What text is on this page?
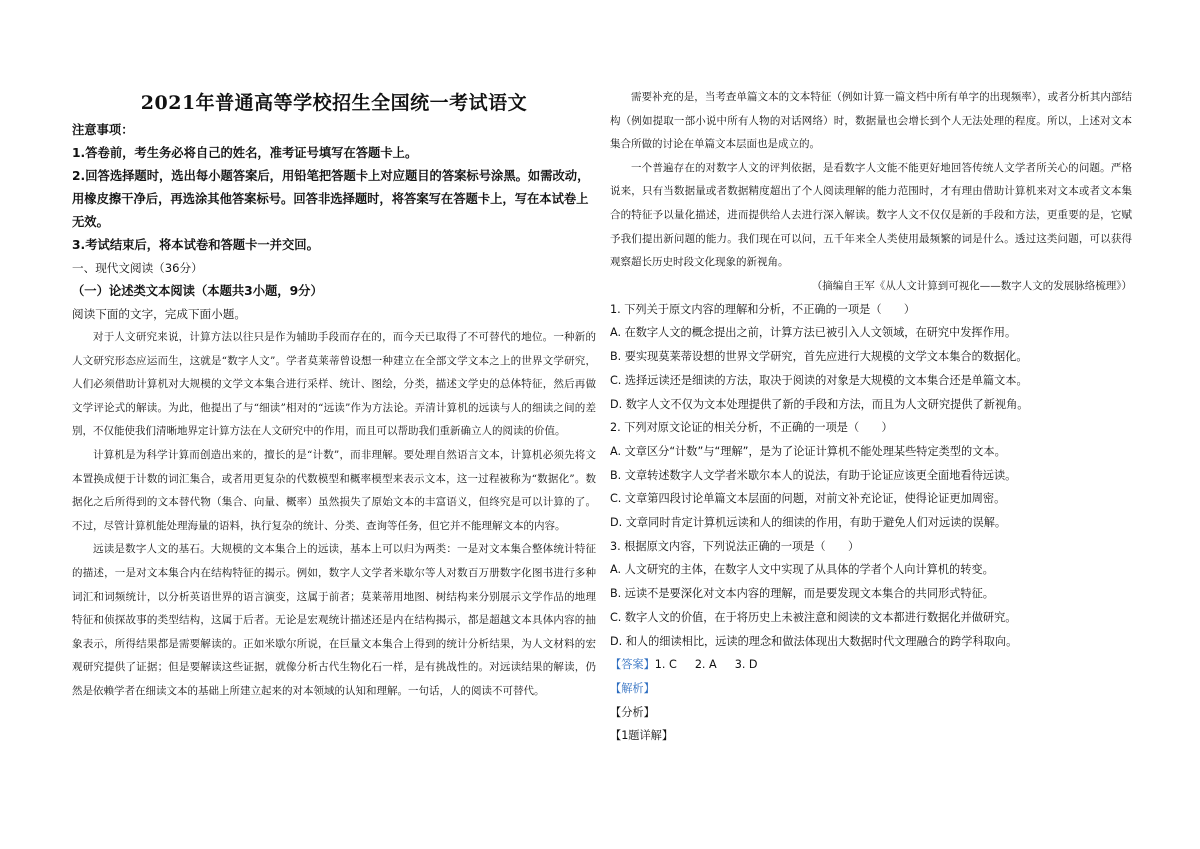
2021年普通高等学校招生全国统一考试语文

注意事项：

1.答卷前，考生务必将自己的姓名，准考证号填写在答题卡上。

2.回答选择题时，选出每小题答案后，用铅笔把答题卡上对应题目的答案标号涂黑。如需改动，用橡皮擦干净后，再选涂其他答案标号。回答非选择题时，将答案写在答题卡上，写在本试卷上无效。

3.考试结束后，将本试卷和答题卡一并交回。

一、现代文阅读（36分）

（一）论述类文本阅读（本题共3小题，9分）

阅读下面的文字，完成下面小题。

对于人文研究来说，计算方法以往只是作为辅助手段而存在的，而今天已取得了不可替代的地位。一种新的人文研究形态应运而生，这就是“数字人文”。学者莫莱蒂曾设想一种建立在全部文学文本之上的世界文学研究，人们必须借助计算机对大规模的文学文本集合进行采样、统计、图绘，分类，描述文学史的总体特征，然后再做文学评论式的解读。为此，他提出了与“细读”相对的“远读”作为方法论。弄清计算机的远读与人的细读之间的差别，不仅能使我们清晰地界定计算方法在人文研究中的作用，而且可以帮助我们重新确立人的阅读的价值。

计算机是为科学计算而创造出来的，擅长的是“计数”，而非理解。要处理自然语言文本，计算机必须先将文本置换成便于计数的词汇集合，或者用更复杂的代数模型和概率模型来表示文本，这一过程被称为“数据化”。数据化之后所得到的文本替代物（集合、向量、概率）虽然损失了原始文本的丰富语义，但终究是可以计算的了。不过，尽管计算机能处理海量的语料，执行复杂的统计、分类、查询等任务，但它并不能理解文本的内容。

远读是数字人文的基石。大规模的文本集合上的远读，基本上可以归为两类：一是对文本集合整体统计特征的描述，一是对文本集合内在结构特征的揭示。例如，数字人文学者米歇尔等人对数百万册数字化图书进行多种词汇和词频统计，以分析英语世界的语言演变，这属于前者；莫莱蒂用地图、树结构来分别展示文学作品的地理特征和侦探故事的类型结构，这属于后者。无论是宏观统计描述还是内在结构揭示，都是超越文本具体内容的抽象表示，所得结果都是需要解读的。正如米歇尔所说，在巨量文本集合上得到的统计分析结果，为人文材料的宏观研究提供了证据；但是要解读这些证据，就像分析古代生物化石一样，是有挑战性的。对远读结果的解读，仍然是依赖学者在细读文本的基础上所建立起来的对本领域的认知和理解。一句话，人的阅读不可替代。

需要补充的是，当考查单篇文本的文本特征（例如计算一篇文档中所有单字的出现频率），或者分析其内部结构（例如提取一部小说中所有人物的对话网络）时，数据量也会增长到个人无法处理的程度。所以，上述对文本集合所做的讨论在单篇文本层面也是成立的。

一个普遍存在的对数字人文的评判依据，是看数字人文能不能更好地回答传统人文学者所关心的问题。严格说来，只有当数据量或者数据精度超出了个人阅读理解的能力范围时，才有理由借助计算机来对文本或者文本集合的特征予以量化描述，进而提供给人去进行深入解读。数字人文不仅仅是新的手段和方法，更重要的是，它赋予我们提出新问题的能力。我们现在可以问，五千年来全人类使用最频繁的词是什么。透过这类问题，可以获得观察超长历史时段文化现象的新视角。

（摘编自王军《从人文计算到可视化——数字人文的发展脉络梳理》）

1. 下列关于原文内容的理解和分析，不正确的一项是（　　）

A. 在数字人文的概念提出之前，计算方法已被引入人文领域，在研究中发挥作用。

B. 要实现莫莱蒂设想的世界文学研究，首先应进行大规模的文学文本集合的数据化。

C. 选择远读还是细读的方法，取决于阅读的对象是大规模的文本集合还是单篇文本。

D. 数字人文不仅为文本处理提供了新的手段和方法，而且为人文研究提供了新视角。

2. 下列对原文论证的相关分析，不正确的一项是（　　）

A. 文章区分“计数”与“理解”，是为了论证计算机不能处理某些特定类型的文本。

B. 文章转述数字人文学者米歇尔本人的说法，有助于论证应该更全面地看待远读。

C. 文章第四段讨论单篇文本层面的问题，对前文补充论证，使得论证更加周密。

D. 文章同时肯定计算机远读和人的细读的作用，有助于避免人们对远读的误解。

3. 根据原文内容，下列说法正确的一项是（　　）

A. 人文研究的主体，在数字人文中实现了从具体的学者个人向计算机的转变。

B. 远读不是要深化对文本内容的理解，而是要发现文本集合的共同形式特征。

C. 数字人文的价值，在于将历史上未被注意和阅读的文本都进行数据化并做研究。

D. 和人的细读相比，远读的理念和做法体现出大数据时代文理融合的跨学科取向。

【答案】1. C 2. A 3. D

【解析】

【分析】

【1题详解】
